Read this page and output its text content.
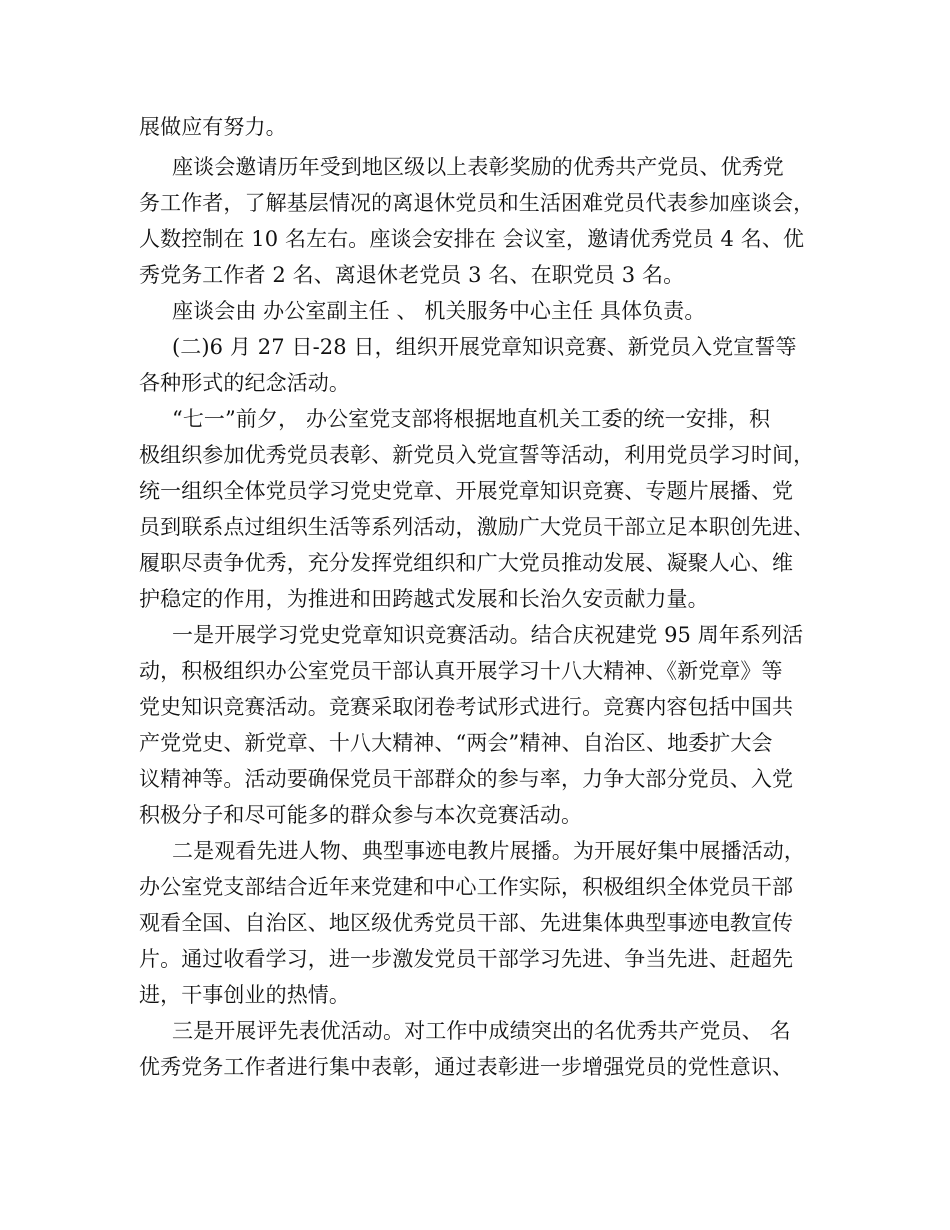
展做应有努力。
座谈会邀请历年受到地区级以上表彰奖励的优秀共产党员、优秀党
务工作者，了解基层情况的离退休党员和生活困难党员代表参加座谈会，
人数控制在 10 名左右。座谈会安排在 会议室，邀请优秀党员 4 名、优
秀党务工作者 2 名、离退休老党员 3 名、在职党员 3 名。
座谈会由 办公室副主任 、 机关服务中心主任 具体负责。
(二)6 月 27 日-28 日，组织开展党章知识竞赛、新党员入党宣誓等
各种形式的纪念活动。
“七一”前夕， 办公室党支部将根据地直机关工委的统一安排，积
极组织参加优秀党员表彰、新党员入党宣誓等活动，利用党员学习时间，
统一组织全体党员学习党史党章、开展党章知识竞赛、专题片展播、党
员到联系点过组织生活等系列活动，激励广大党员干部立足本职创先进、
履职尽责争优秀，充分发挥党组织和广大党员推动发展、凝聚人心、维
护稳定的作用，为推进和田跨越式发展和长治久安贡献力量。
一是开展学习党史党章知识竞赛活动。结合庆祝建党 95 周年系列活
动，积极组织办公室党员干部认真开展学习十八大精神、《新党章》等
党史知识竞赛活动。竞赛采取闭卷考试形式进行。竞赛内容包括中国共
产党党史、新党章、十八大精神、“两会”精神、自治区、地委扩大会
议精神等。活动要确保党员干部群众的参与率，力争大部分党员、入党
积极分子和尽可能多的群众参与本次竞赛活动。
二是观看先进人物、典型事迹电教片展播。为开展好集中展播活动，
办公室党支部结合近年来党建和中心工作实际，积极组织全体党员干部
观看全国、自治区、地区级优秀党员干部、先进集体典型事迹电教宣传
片。通过收看学习，进一步激发党员干部学习先进、争当先进、赶超先
进，干事创业的热情。
三是开展评先表优活动。对工作中成绩突出的名优秀共产党员、 名
优秀党务工作者进行集中表彰，通过表彰进一步增强党员的党性意识、
